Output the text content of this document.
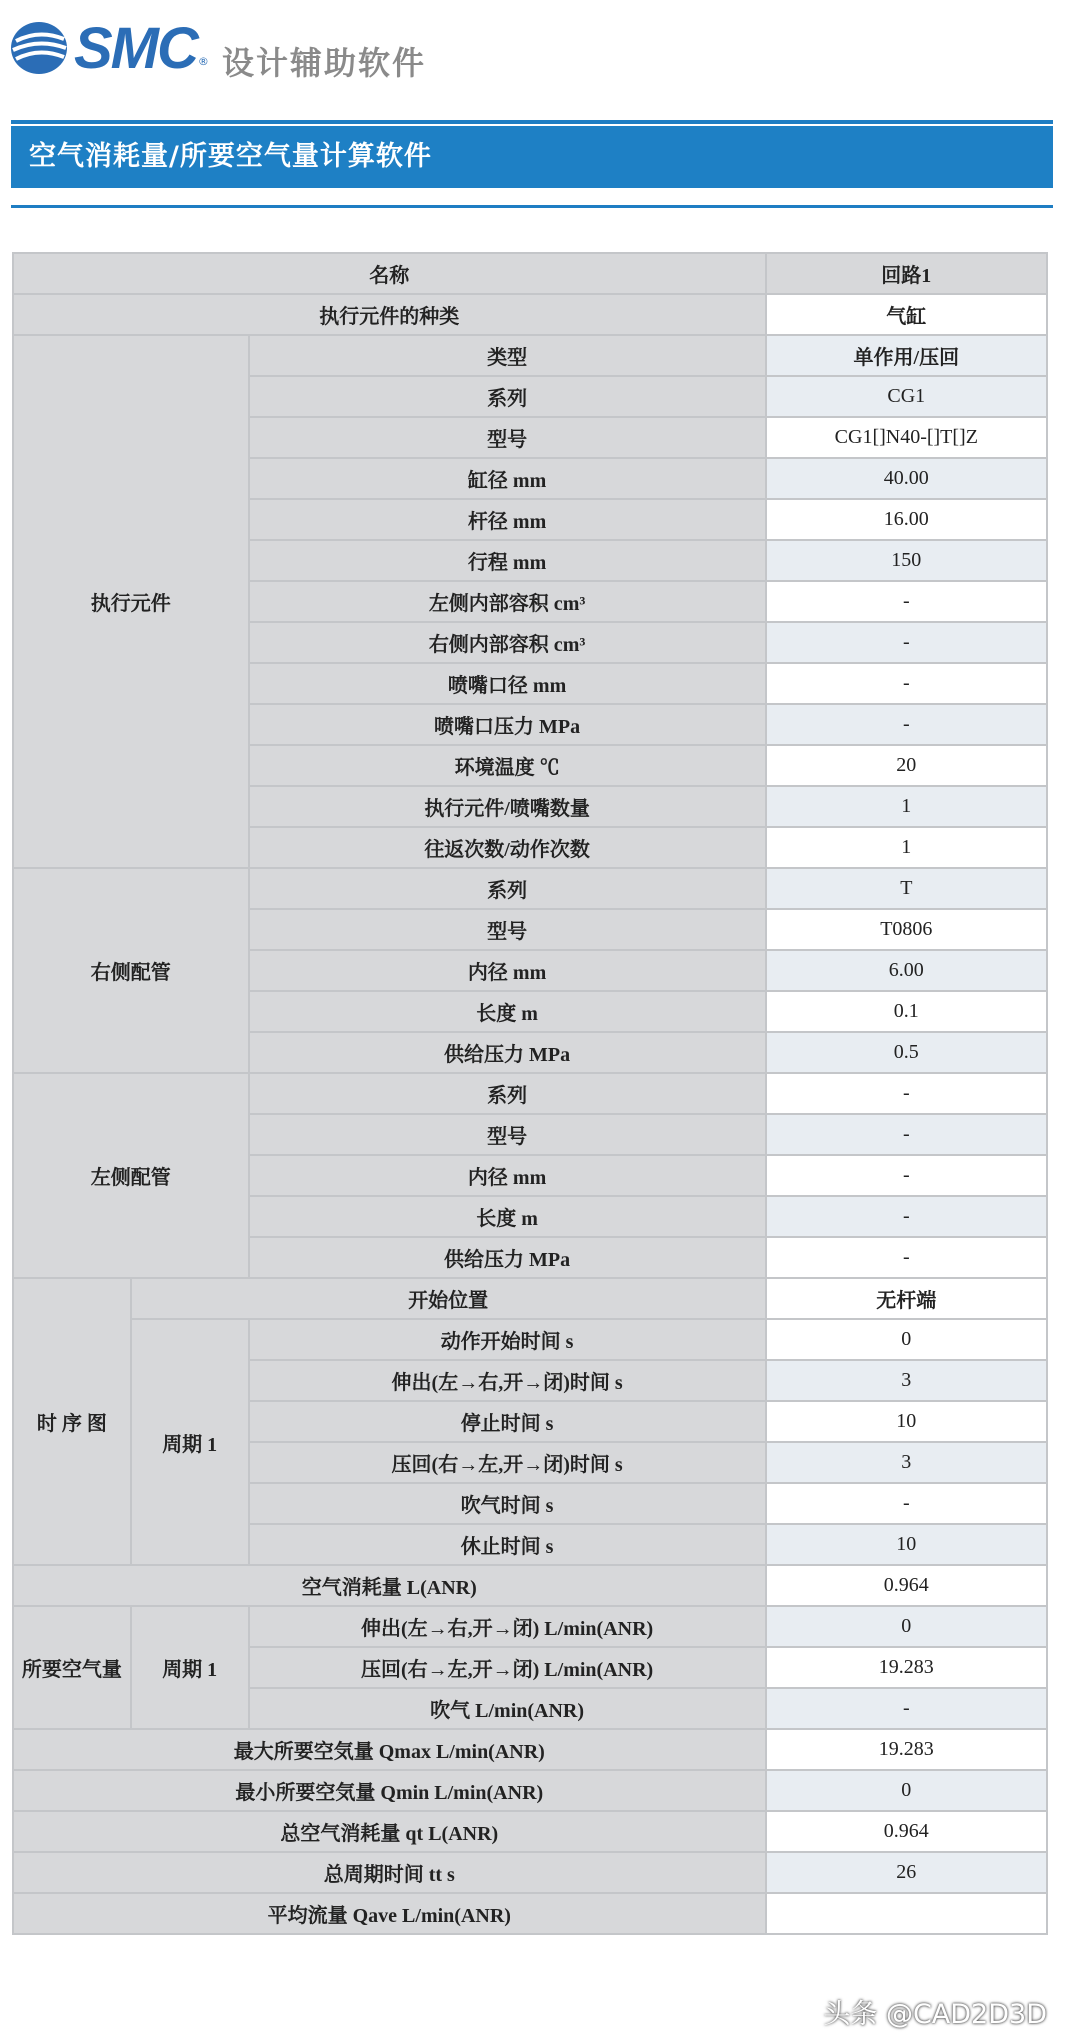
SMC ® 设计辅助软件
空气消耗量/所要空气量计算软件
名称			回路1
执行元件的种类			气缸
执行元件		类型	单作用/压回
		系列	CG1
		型号	CG1[]N40-[]T[]Z
		缸径 mm	40.00
		杆径 mm	16.00
		行程 mm	150
		左侧内部容积 cm³	-
		右侧内部容积 cm³	-
		喷嘴口径 mm	-
		喷嘴口压力 MPa	-
		环境温度 ℃	20
		执行元件/喷嘴数量	1
		往返次数/动作次数	1
右侧配管		系列	T
		型号	T0806
		内径 mm	6.00
		长度 m	0.1
		供给压力 MPa	0.5
左侧配管		系列	-
		型号	-
		内径 mm	-
		长度 m	-
		供给压力 MPa	-
时 序 图	开始位置		无杆端
	周期 1	动作开始时间 s	0
		伸出(左→右,开→闭)时间 s	3
		停止时间 s	10
		压回(右→左,开→闭)时间 s	3
		吹气时间 s	-
		休止时间 s	10
空气消耗量 L(ANR)			0.964
所要空气量	周期 1	伸出(左→右,开→闭) L/min(ANR)	0
		压回(右→左,开→闭) L/min(ANR)	19.283
		吹气 L/min(ANR)	-
最大所要空気量 Qmax L/min(ANR)			19.283
最小所要空気量 Qmin L/min(ANR)			0
总空气消耗量 qt L(ANR)			0.964
总周期时间 tt s			26
平均流量 Qave L/min(ANR)			
头条 @CAD2D3D
